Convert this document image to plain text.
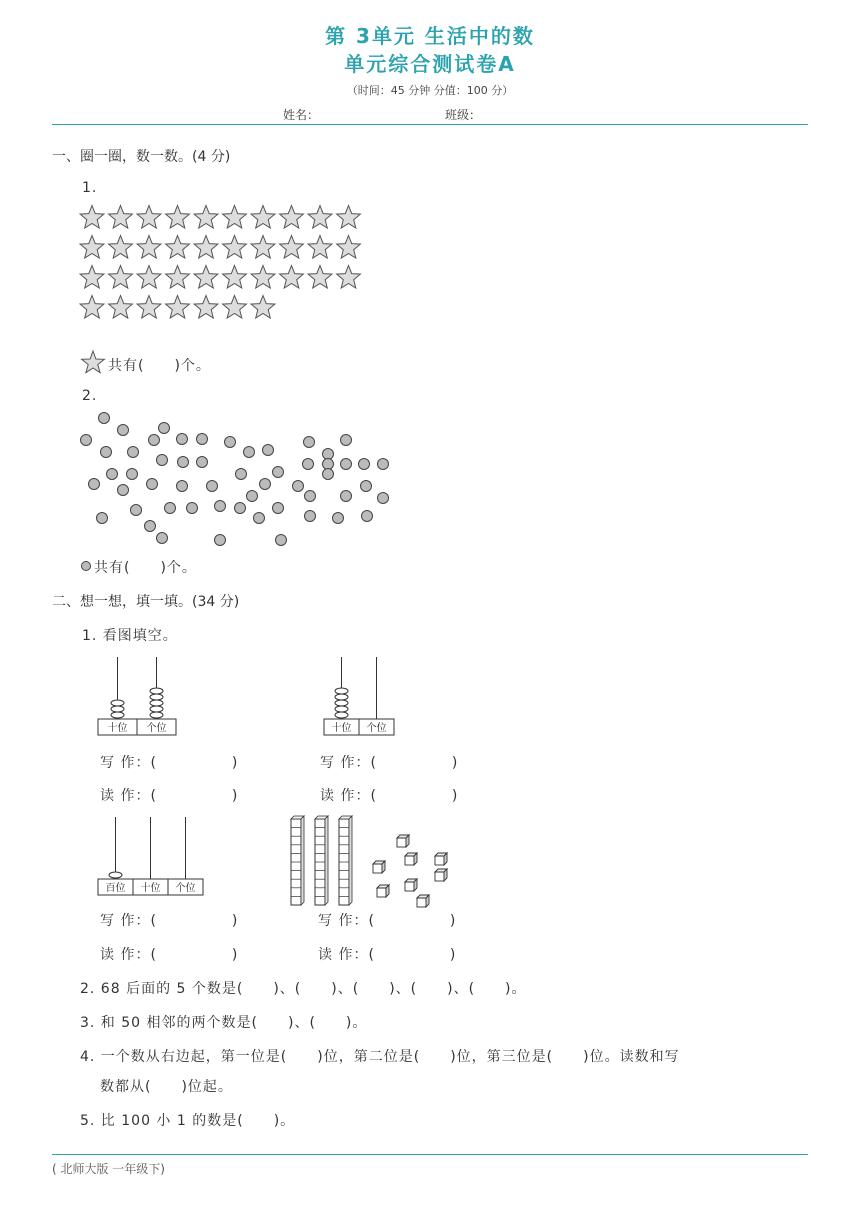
第 3单元 生活中的数
单元综合测试卷A
（时间：45 分钟 分值：100 分）
姓名：	班级：
一、圈一圈，数一数。(4 分)
1.
共有(　　)个。
2.
共有(　　)个。
二、想一想，填一填。(34 分)
1. 看图填空。
十位 个位	十位 个位
写 作：(　　　　　)	写 作：(　　　　　)
读 作：(　　　　　)	读 作：(　　　　　)
百位 十位 个位
写 作：(　　　　　)	写 作：(　　　　　)
读 作：(　　　　　)	读 作：(　　　　　)
2. 68 后面的 5 个数是(　　)、(　　)、(　　)、(　　)、(　　)。
3. 和 50 相邻的两个数是(　　)、(　　)。
4. 一个数从右边起，第一位是(　　)位，第二位是(　　)位，第三位是(　　)位。读数和写
数都从(　　)位起。
5. 比 100 小 1 的数是(　　)。
( 北师大版 一年级下)
